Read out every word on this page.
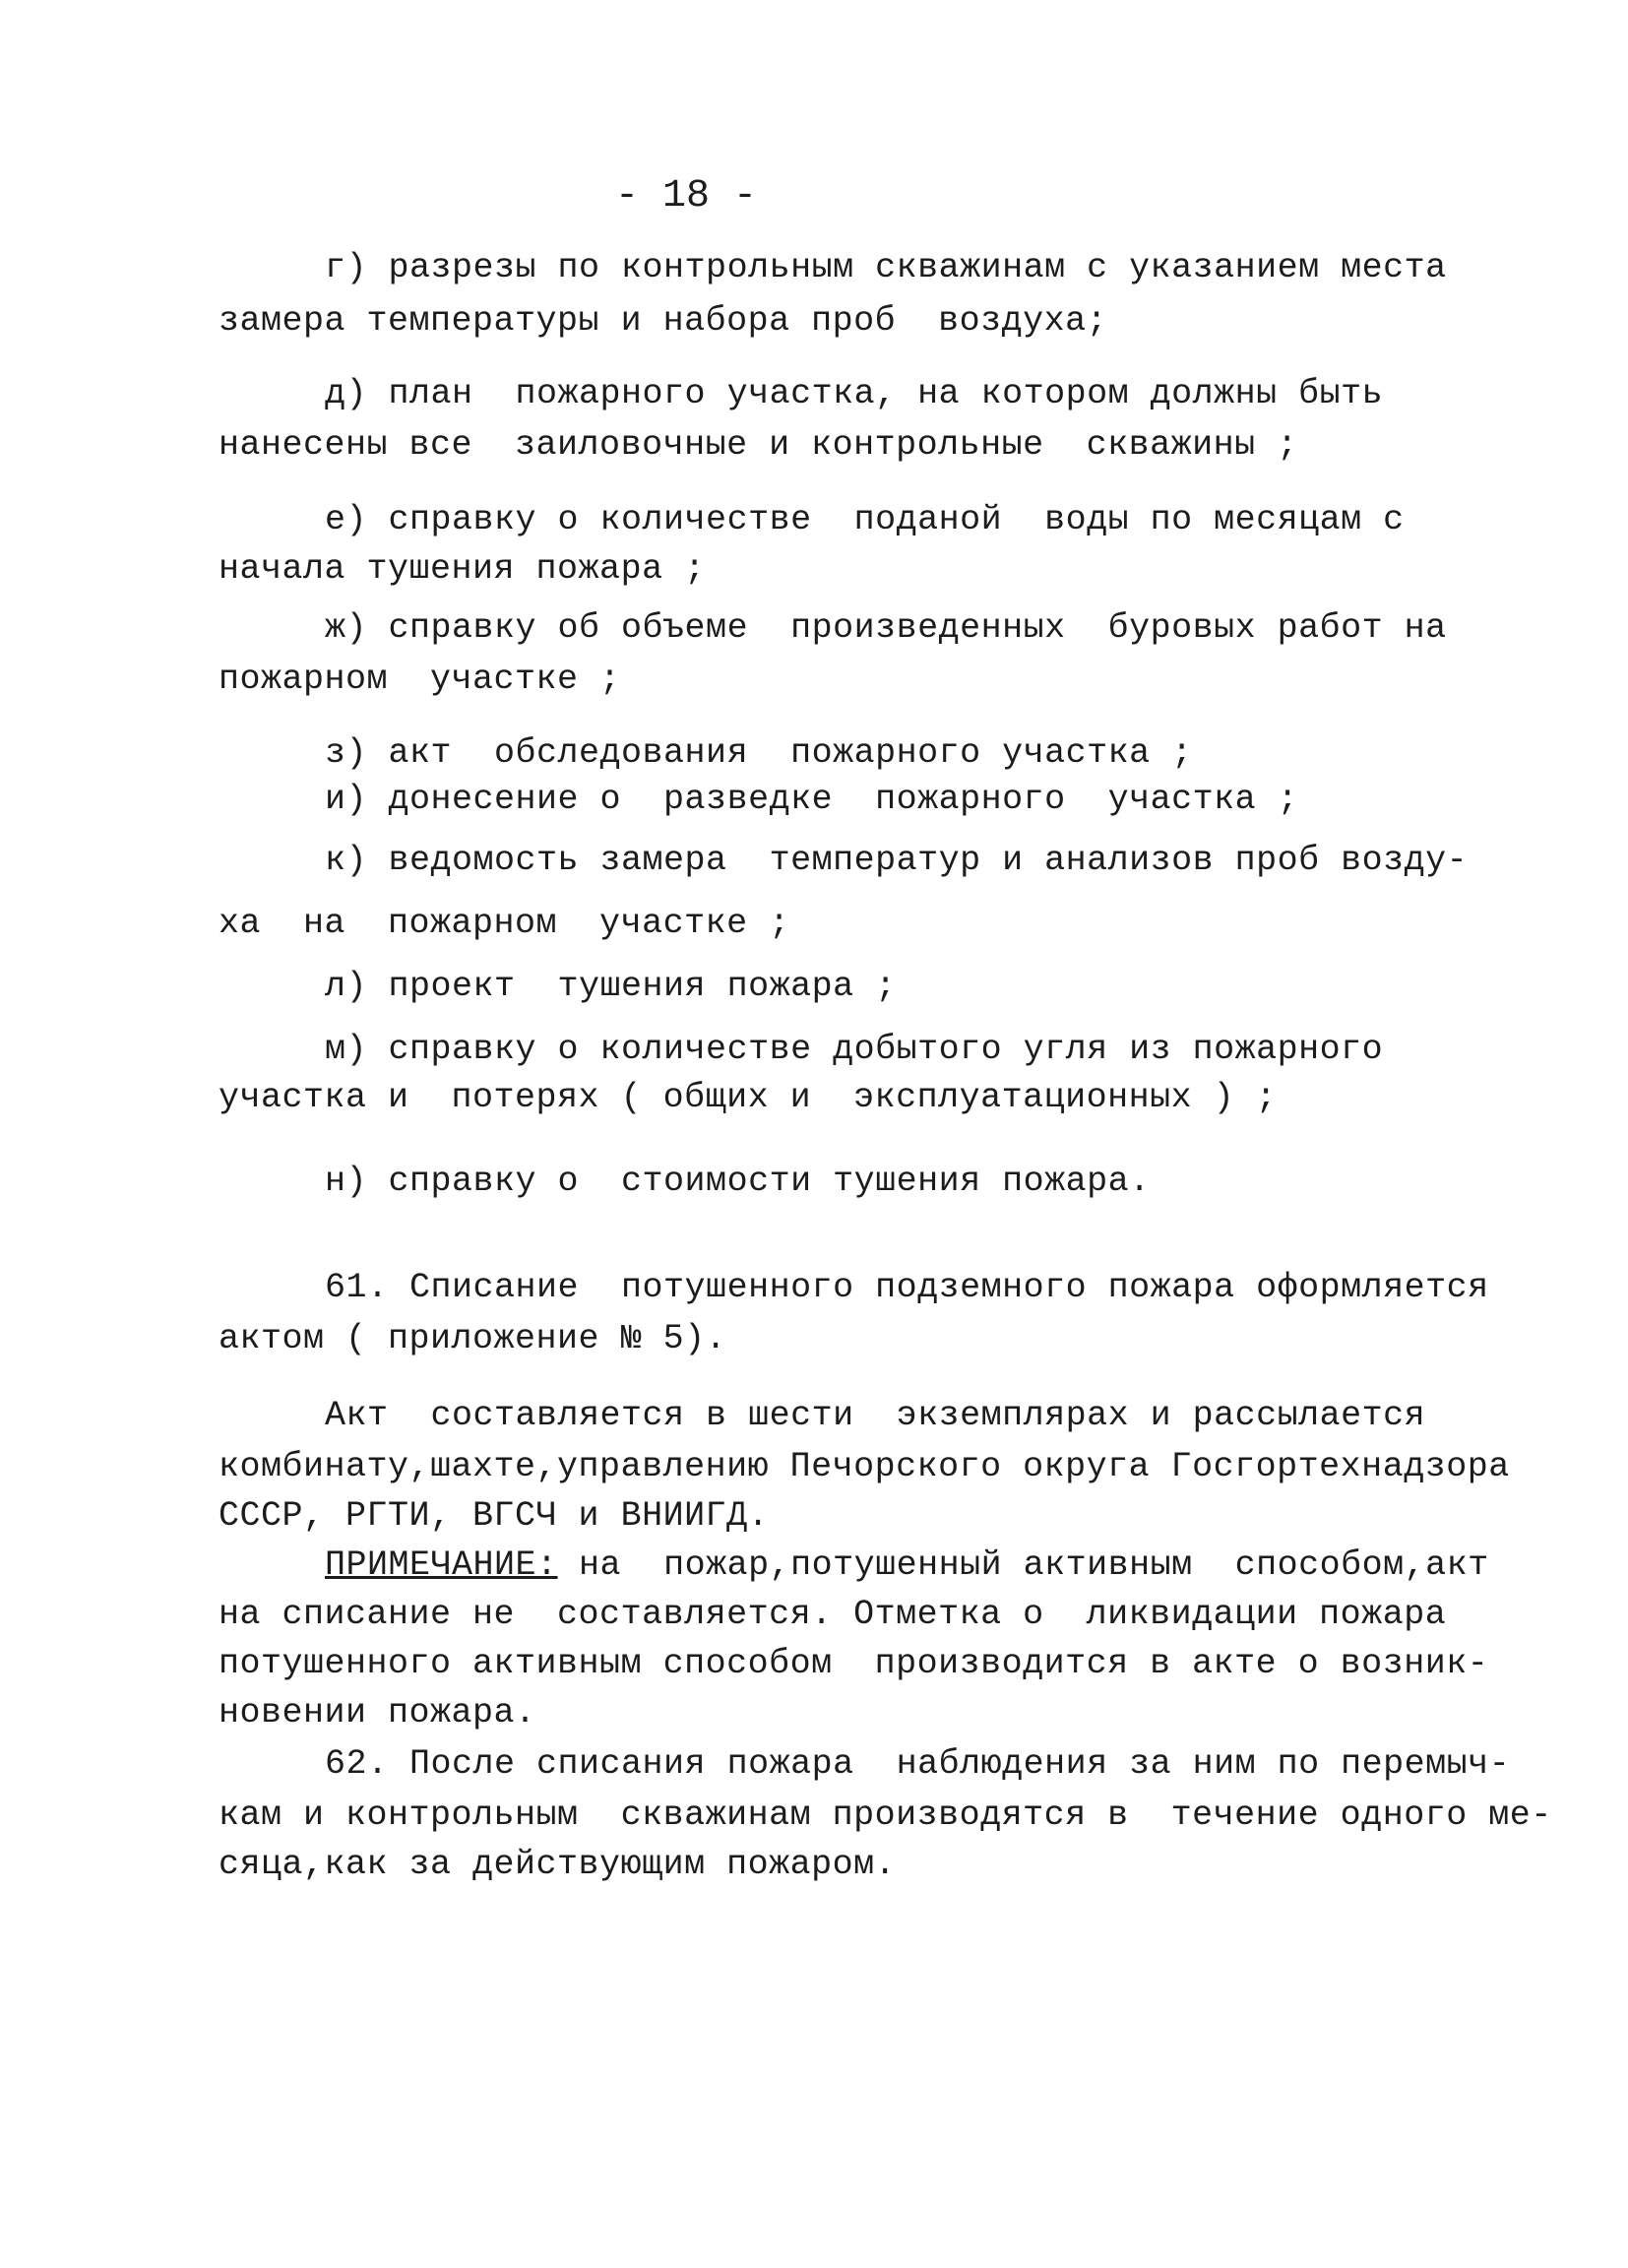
- 18 -
г) разрезы по контрольным скважинам с указанием места
замера температуры и набора проб  воздуха;
д) план  пожарного участка, на котором должны быть
нанесены все  заиловочные и контрольные  скважины ;
е) справку о количестве  поданой  воды по месяцам с
начала тушения пожара ;
ж) справку об объеме  произведенных  буровых работ на
пожарном  участке ;
з) акт  обследования  пожарного участка ;
и) донесение о  разведке  пожарного  участка ;
к) ведомость замера  температур и анализов проб возду-
ха  на  пожарном  участке ;
л) проект  тушения пожара ;
м) справку о количестве добытого угля из пожарного
участка и  потерях ( общих и  эксплуатационных ) ;
н) справку о  стоимости тушения пожара.
61. Списание  потушенного подземного пожара оформляется
актом ( приложение № 5).
Акт  составляется в шести  экземплярах и рассылается
комбинату,шахте,управлению Печорского округа Госгортехнадзора
СССР, РГТИ, ВГСЧ и ВНИИГД.
ПРИМЕЧАНИЕ: на  пожар,потушенный активным  способом,акт
на списание не  составляется. Отметка о  ликвидации пожара
потушенного активным способом  производится в акте о возник-
новении пожара.
62. После списания пожара  наблюдения за ним по перемыч-
кам и контрольным  скважинам производятся в  течение одного ме-
сяца,как за действующим пожаром.
